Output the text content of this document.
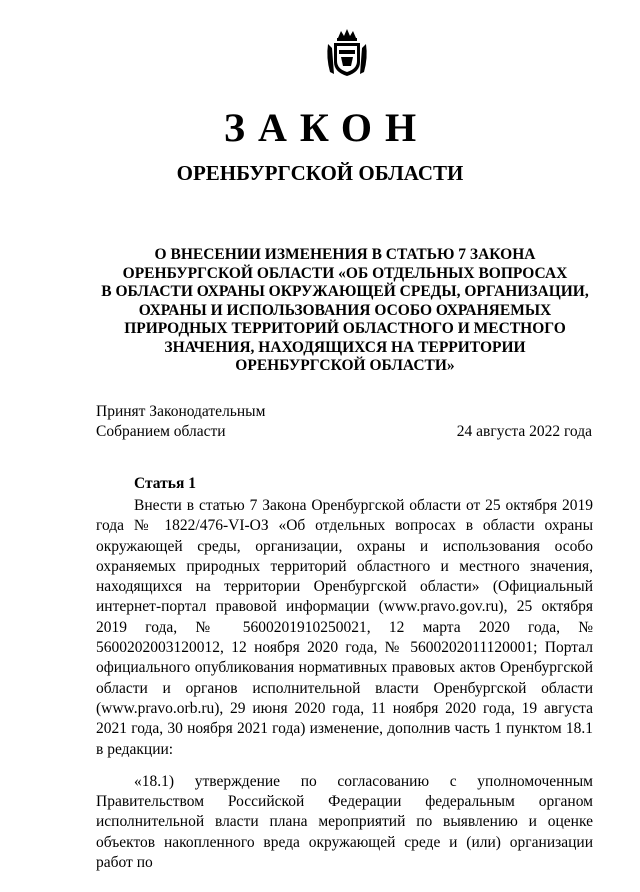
ЗАКОН
ОРЕНБУРГСКОЙ ОБЛАСТИ
О ВНЕСЕНИИ ИЗМЕНЕНИЯ В СТАТЬЮ 7 ЗАКОНА
ОРЕНБУРГСКОЙ ОБЛАСТИ «ОБ ОТДЕЛЬНЫХ ВОПРОСАХ
В ОБЛАСТИ ОХРАНЫ ОКРУЖАЮЩЕЙ СРЕДЫ, ОРГАНИЗАЦИИ,
ОХРАНЫ И ИСПОЛЬЗОВАНИЯ ОСОБО ОХРАНЯЕМЫХ
ПРИРОДНЫХ ТЕРРИТОРИЙ ОБЛАСТНОГО И МЕСТНОГО
ЗНАЧЕНИЯ, НАХОДЯЩИХСЯ НА ТЕРРИТОРИИ
ОРЕНБУРГСКОЙ ОБЛАСТИ»
Принят Законодательным
Собранием области	24 августа 2022 года
Статья 1

Внести в статью 7 Закона Оренбургской области от 25 октября 2019 года № 1822/476-VI-ОЗ «Об отдельных вопросах в области охраны окружающей среды, организации, охраны и использования особо охраняемых природных территорий областного и местного значения, находящихся на территории Оренбургской области» (Официальный интернет-портал правовой информации (www.pravo.gov.ru), 25 октября 2019 года, № 5600201910250021, 12 марта 2020 года, № 5600202003120012, 12 ноября 2020 года, № 5600202011120001; Портал официального опубликования нормативных правовых актов Оренбургской области и органов исполнительной власти Оренбургской области (www.pravo.orb.ru), 29 июня 2020 года, 11 ноября 2020 года, 19 августа 2021 года, 30 ноября 2021 года) изменение, дополнив часть 1 пунктом 18.1 в редакции:

«18.1) утверждение по согласованию с уполномоченным Правительством Российской Федерации федеральным органом исполнительной власти плана мероприятий по выявлению и оценке объектов накопленного вреда окружающей среде и (или) организации работ по
